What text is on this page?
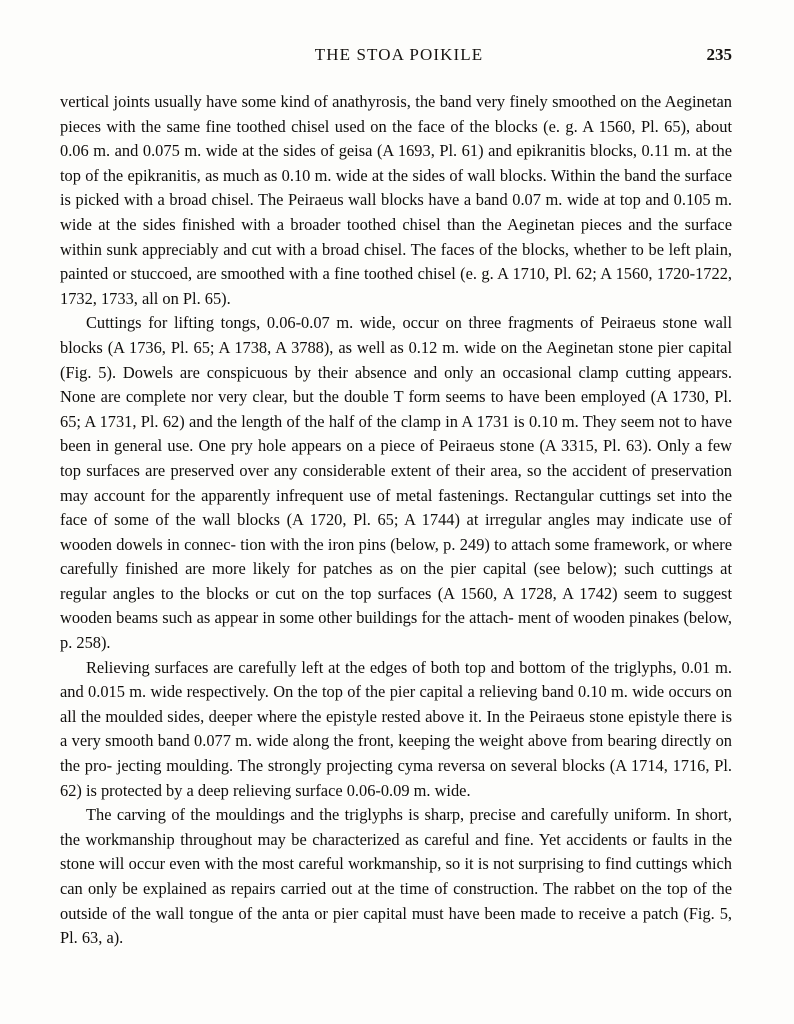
THE STOA POIKILE	235

vertical joints usually have some kind of anathyrosis, the band very finely smoothed on the Aeginetan pieces with the same fine toothed chisel used on the face of the blocks (e. g. A 1560, Pl. 65), about 0.06 m. and 0.075 m. wide at the sides of geisa (A 1693, Pl. 61) and epikranitis blocks, 0.11 m. at the top of the epikranitis, as much as 0.10 m. wide at the sides of wall blocks. Within the band the surface is picked with a broad chisel. The Peiraeus wall blocks have a band 0.07 m. wide at top and 0.105 m. wide at the sides finished with a broader toothed chisel than the Aeginetan pieces and the surface within sunk appreciably and cut with a broad chisel. The faces of the blocks, whether to be left plain, painted or stuccoed, are smoothed with a fine toothed chisel (e. g. A 1710, Pl. 62; A 1560, 1720-1722, 1732, 1733, all on Pl. 65).

Cuttings for lifting tongs, 0.06-0.07 m. wide, occur on three fragments of Peiraeus stone wall blocks (A 1736, Pl. 65; A 1738, A 3788), as well as 0.12 m. wide on the Aeginetan stone pier capital (Fig. 5). Dowels are conspicuous by their absence and only an occasional clamp cutting appears. None are complete nor very clear, but the double T form seems to have been employed (A 1730, Pl. 65; A 1731, Pl. 62) and the length of the half of the clamp in A 1731 is 0.10 m. They seem not to have been in general use. One pry hole appears on a piece of Peiraeus stone (A 3315, Pl. 63). Only a few top surfaces are preserved over any considerable extent of their area, so the accident of preservation may account for the apparently infrequent use of metal fastenings. Rectangular cuttings set into the face of some of the wall blocks (A 1720, Pl. 65; A 1744) at irregular angles may indicate use of wooden dowels in connec- tion with the iron pins (below, p. 249) to attach some framework, or where carefully finished are more likely for patches as on the pier capital (see below); such cuttings at regular angles to the blocks or cut on the top surfaces (A 1560, A 1728, A 1742) seem to suggest wooden beams such as appear in some other buildings for the attach- ment of wooden pinakes (below, p. 258).

Relieving surfaces are carefully left at the edges of both top and bottom of the triglyphs, 0.01 m. and 0.015 m. wide respectively. On the top of the pier capital a relieving band 0.10 m. wide occurs on all the moulded sides, deeper where the epistyle rested above it. In the Peiraeus stone epistyle there is a very smooth band 0.077 m. wide along the front, keeping the weight above from bearing directly on the pro- jecting moulding. The strongly projecting cyma reversa on several blocks (A 1714, 1716, Pl. 62) is protected by a deep relieving surface 0.06-0.09 m. wide.

The carving of the mouldings and the triglyphs is sharp, precise and carefully uniform. In short, the workmanship throughout may be characterized as careful and fine. Yet accidents or faults in the stone will occur even with the most careful workmanship, so it is not surprising to find cuttings which can only be explained as repairs carried out at the time of construction. The rabbet on the top of the outside of the wall tongue of the anta or pier capital must have been made to receive a patch (Fig. 5, Pl. 63, a).
